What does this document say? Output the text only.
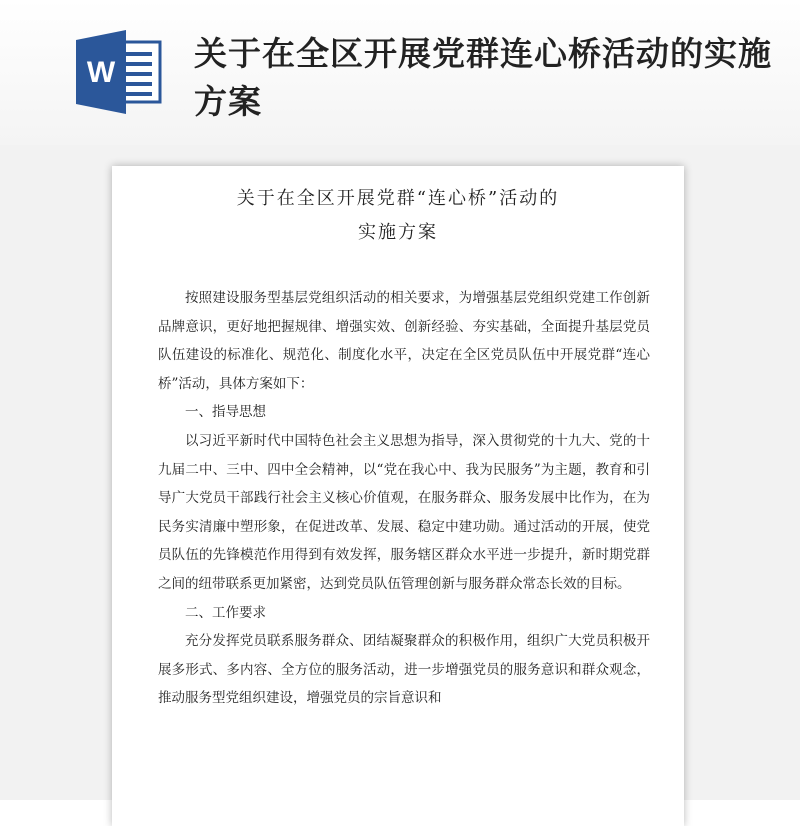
W 关于在全区开展党群连心桥活动的实施方案
关于在全区开展党群“连心桥”活动的
实施方案

按照建设服务型基层党组织活动的相关要求，为增强基层党组织党建工作创新品牌意识，更好地把握规律、增强实效、创新经验、夯实基础，全面提升基层党员队伍建设的标准化、规范化、制度化水平，决定在全区党员队伍中开展党群“连心桥”活动，具体方案如下：

一、指导思想

以习近平新时代中国特色社会主义思想为指导，深入贯彻党的十九大、党的十九届二中、三中、四中全会精神，以“党在我心中、我为民服务”为主题，教育和引导广大党员干部践行社会主义核心价值观，在服务群众、服务发展中比作为，在为民务实清廉中塑形象，在促进改革、发展、稳定中建功勋。通过活动的开展，使党员队伍的先锋模范作用得到有效发挥，服务辖区群众水平进一步提升，新时期党群之间的纽带联系更加紧密，达到党员队伍管理创新与服务群众常态长效的目标。

二、工作要求

充分发挥党员联系服务群众、团结凝聚群众的积极作用，组织广大党员积极开展多形式、多内容、全方位的服务活动，进一步增强党员的服务意识和群众观念，推动服务型党组织建设，增强党员的宗旨意识和
